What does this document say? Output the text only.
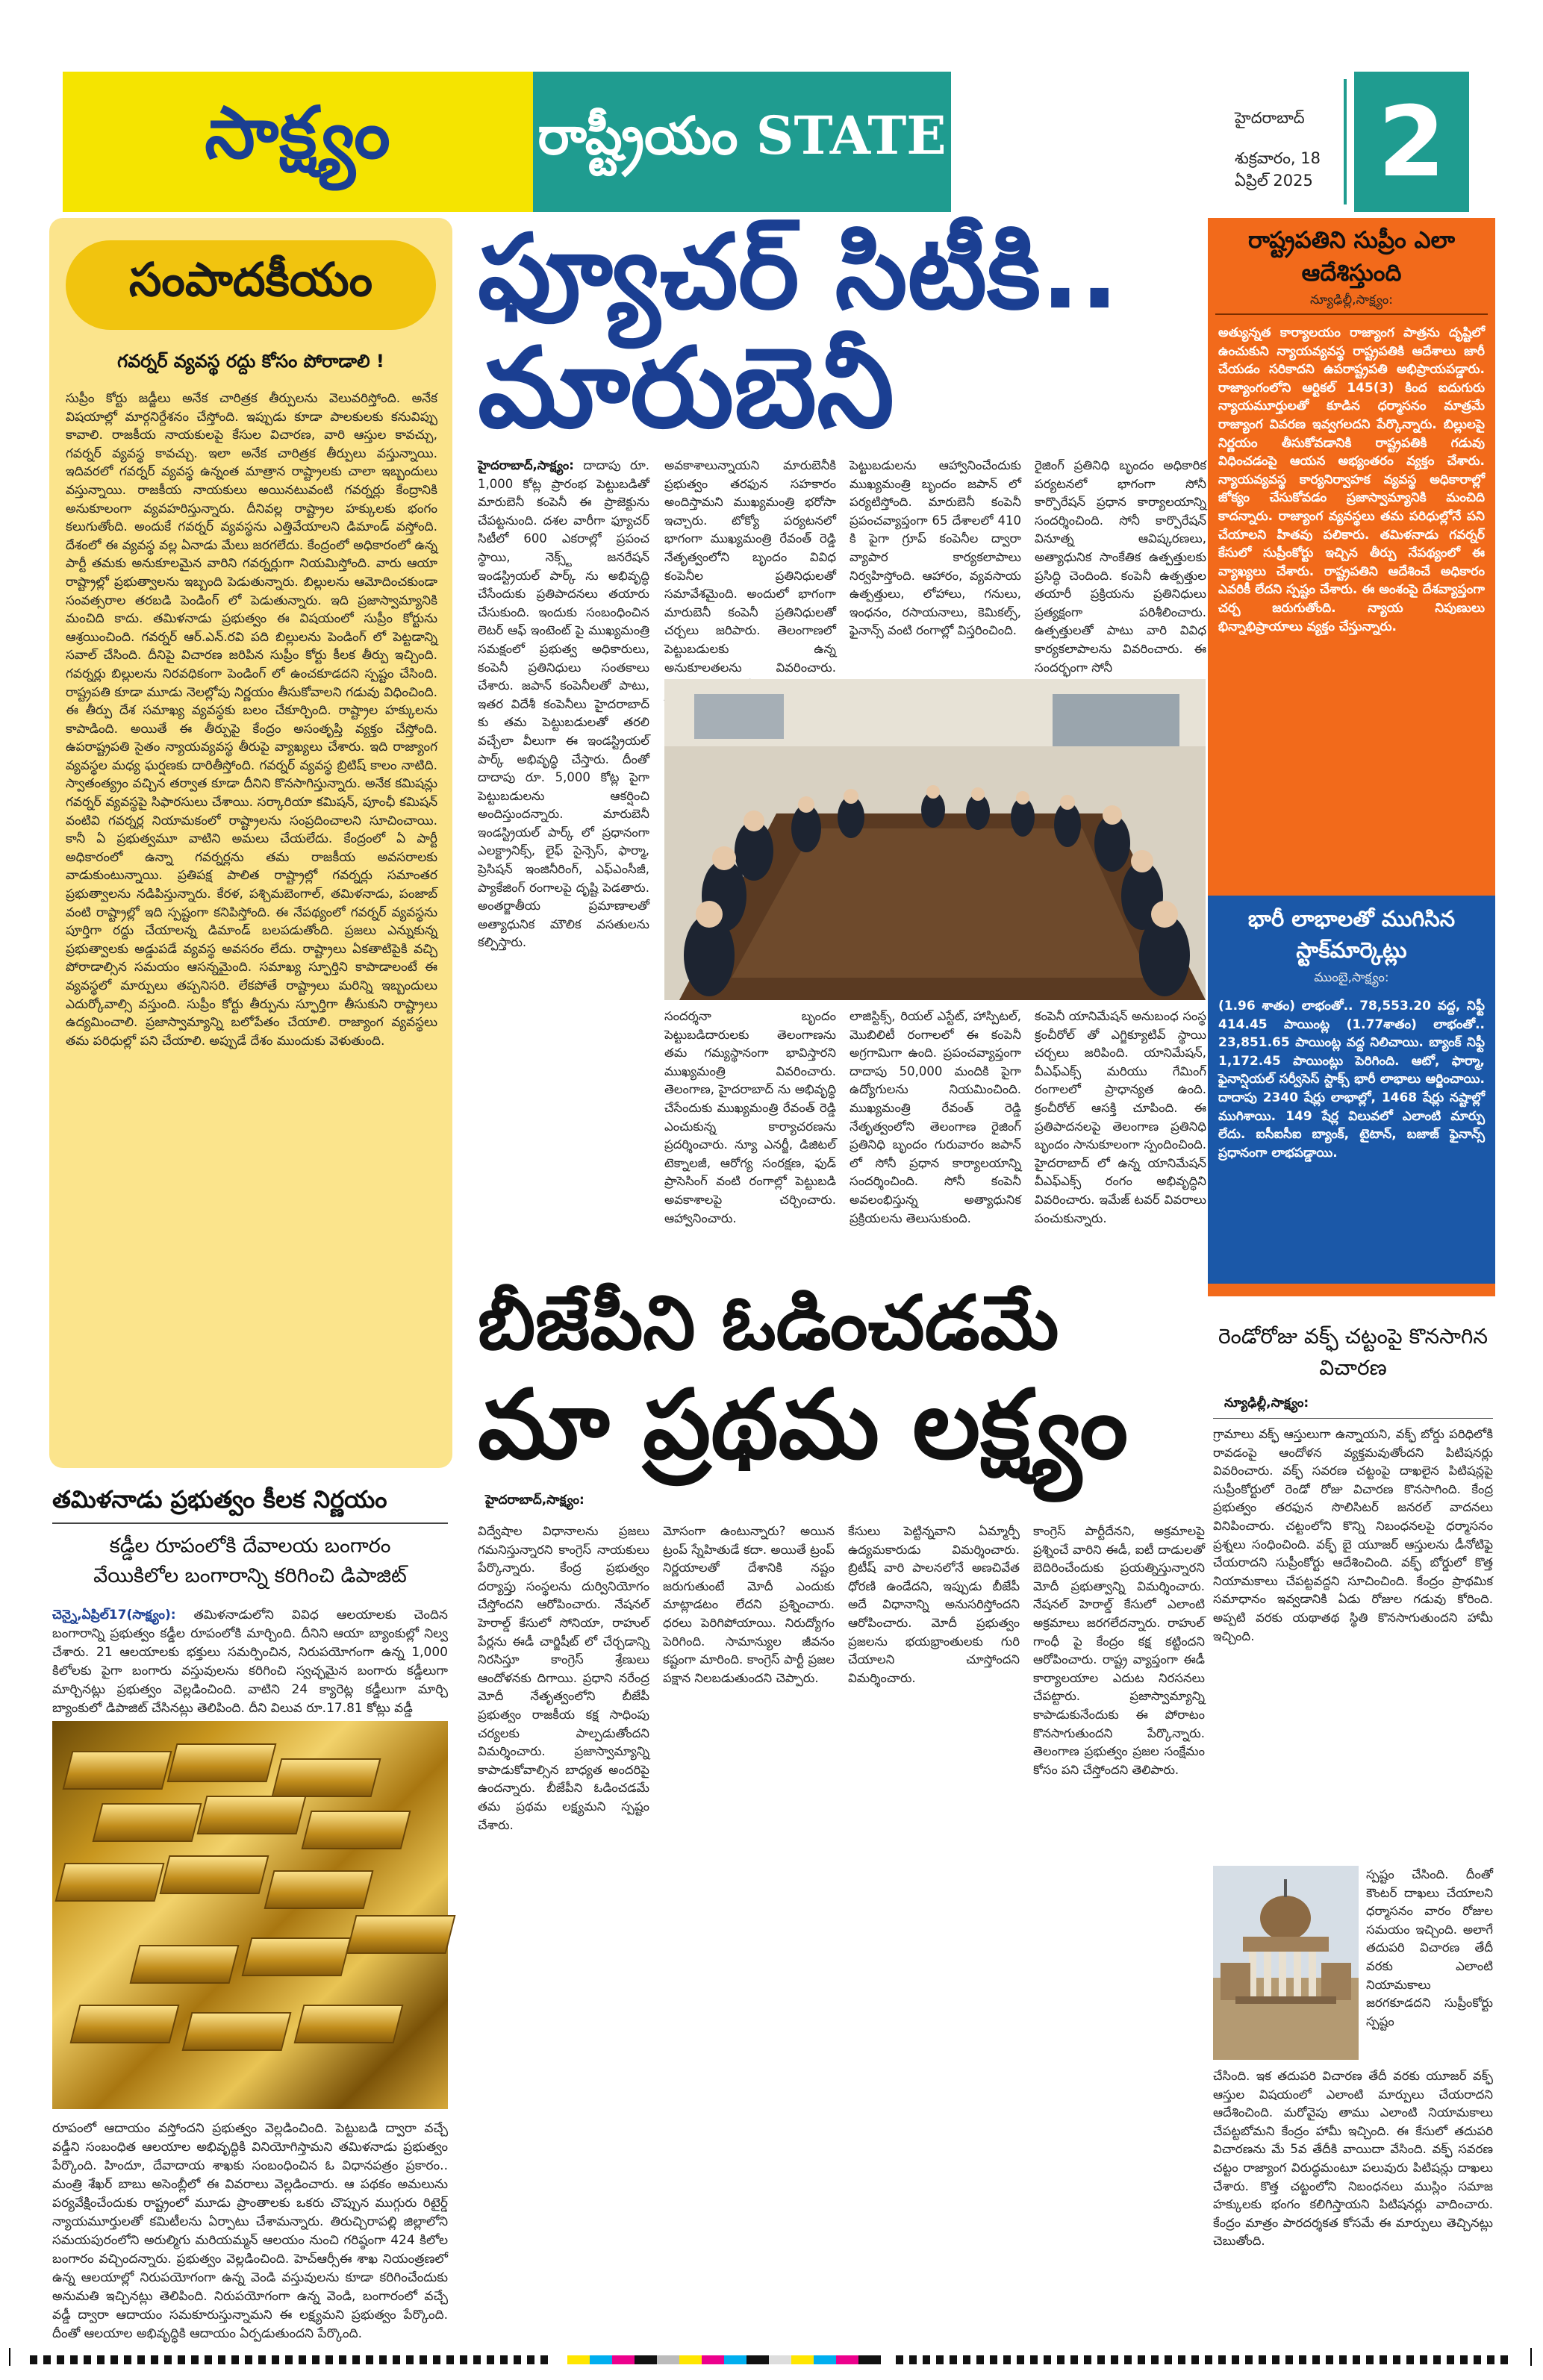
సాక్ష్యం	రాష్ట్రీయం STATE	హైదరాబాద్
శుక్రవారం, 18 ఏప్రిల్ 2025 2
సంపాదకీయం
గవర్నర్ వ్యవస్థ రద్దు కోసం పోరాడాలి !
సుప్రీం కోర్టు జడ్జీలు అనేక చారిత్రక తీర్పులను వెలువరిస్తోంది. అనేక విషయాల్లో మార్గనిర్దేశనం చేస్తోంది. ఇప్పుడు కూడా పాలకులకు కనువిప్పు కావాలి. రాజకీయ నాయకులపై కేసుల విచారణ, వారి ఆస్తుల కావచ్చు, గవర్నర్ వ్యవస్థ కావచ్చు. ఇలా అనేక చారిత్రక తీర్పులు వస్తున్నాయి. ఇదివరలో గవర్నర్ వ్యవస్థ ఉన్నంత మాత్రాన రాష్ట్రాలకు చాలా ఇబ్బందులు వస్తున్నాయి. రాజకీయ నాయకులు అయినటువంటి గవర్నర్లు కేంద్రానికి అనుకూలంగా వ్యవహరిస్తున్నారు. దీనివల్ల రాష్ట్రాల హక్కులకు భంగం కలుగుతోంది. అందుకే గవర్నర్ వ్యవస్థను ఎత్తివేయాలని డిమాండ్ వస్తోంది. దేశంలో ఈ వ్యవస్థ వల్ల ఏనాడు మేలు జరగలేదు. కేంద్రంలో అధికారంలో ఉన్న పార్టీ తమకు అనుకూలమైన వారిని గవర్నర్లుగా నియమిస్తోంది. వారు ఆయా రాష్ట్రాల్లో ప్రభుత్వాలను ఇబ్బంది పెడుతున్నారు. బిల్లులను ఆమోదించకుండా సంవత్సరాల తరబడి పెండింగ్ లో పెడుతున్నారు. ఇది ప్రజాస్వామ్యానికి మంచిది కాదు. తమిళనాడు ప్రభుత్వం ఈ విషయంలో సుప్రీం కోర్టును ఆశ్రయించింది. గవర్నర్ ఆర్.ఎన్.రవి పది బిల్లులను పెండింగ్ లో పెట్టడాన్ని సవాల్ చేసింది. దీనిపై విచారణ జరిపిన సుప్రీం కోర్టు కీలక తీర్పు ఇచ్చింది. గవర్నర్లు బిల్లులను నిరవధికంగా పెండింగ్ లో ఉంచకూడదని స్పష్టం చేసింది. రాష్ట్రపతి కూడా మూడు నెలల్లోపు నిర్ణయం తీసుకోవాలని గడువు విధించింది. ఈ తీర్పు దేశ సమాఖ్య వ్యవస్థకు బలం చేకూర్చింది. రాష్ట్రాల హక్కులను కాపాడింది. అయితే ఈ తీర్పుపై కేంద్రం అసంతృప్తి వ్యక్తం చేస్తోంది. ఉపరాష్ట్రపతి సైతం న్యాయవ్యవస్థ తీరుపై వ్యాఖ్యలు చేశారు. ఇది రాజ్యాంగ వ్యవస్థల మధ్య ఘర్షణకు దారితీస్తోంది. గవర్నర్ వ్యవస్థ బ్రిటిష్ కాలం నాటిది. స్వాతంత్య్రం వచ్చిన తర్వాత కూడా దీనిని కొనసాగిస్తున్నారు. అనేక కమిషన్లు గవర్నర్ వ్యవస్థపై సిఫారసులు చేశాయి. సర్కారియా కమిషన్, పూంఛీ కమిషన్ వంటివి గవర్నర్ల నియామకంలో రాష్ట్రాలను సంప్రదించాలని సూచించాయి. కానీ ఏ ప్రభుత్వమూ వాటిని అమలు చేయలేదు. కేంద్రంలో ఏ పార్టీ అధికారంలో ఉన్నా గవర్నర్లను తమ రాజకీయ అవసరాలకు వాడుకుంటున్నాయి. ప్రతిపక్ష పాలిత రాష్ట్రాల్లో గవర్నర్లు సమాంతర ప్రభుత్వాలను నడిపిస్తున్నారు. కేరళ, పశ్చిమబెంగాల్, తమిళనాడు, పంజాబ్ వంటి రాష్ట్రాల్లో ఇది స్పష్టంగా కనిపిస్తోంది. ఈ నేపథ్యంలో గవర్నర్ వ్యవస్థను పూర్తిగా రద్దు చేయాలన్న డిమాండ్ బలపడుతోంది. ప్రజలు ఎన్నుకున్న ప్రభుత్వాలకు అడ్డుపడే వ్యవస్థ అవసరం లేదు. రాష్ట్రాలు ఏకతాటిపైకి వచ్చి పోరాడాల్సిన సమయం ఆసన్నమైంది. సమాఖ్య స్ఫూర్తిని కాపాడాలంటే ఈ వ్యవస్థలో మార్పులు తప్పనిసరి. లేకపోతే రాష్ట్రాలు మరిన్ని ఇబ్బందులు ఎదుర్కోవాల్సి వస్తుంది. సుప్రీం కోర్టు తీర్పును స్ఫూర్తిగా తీసుకుని రాష్ట్రాలు ఉద్యమించాలి. ప్రజాస్వామ్యాన్ని బలోపేతం చేయాలి. రాజ్యాంగ వ్యవస్థలు తమ పరిధుల్లో పని చేయాలి. అప్పుడే దేశం ముందుకు వెళుతుంది.
తమిళనాడు ప్రభుత్వం కీలక నిర్ణయం
కడ్డీల రూపంలోకి దేవాలయ బంగారం
వేయికిలోల బంగారాన్ని కరిగించి డిపాజిట్
చెన్నై,ఏప్రిల్17(సాక్ష్యం): తమిళనాడులోని వివిధ ఆలయాలకు చెందిన బంగారాన్ని ప్రభుత్వం కడ్డీల రూపంలోకి మార్చింది. దీనిని ఆయా బ్యాంకుల్లో నిల్వ చేశారు. 21 ఆలయాలకు భక్తులు సమర్పించిన, నిరుపయోగంగా ఉన్న 1,000 కిలోలకు పైగా బంగారు వస్తువులను కరిగించి స్వచ్ఛమైన బంగారు కడ్డీలుగా మార్చినట్లు ప్రభుత్వం వెల్లడించింది. వాటిని 24 క్యారెట్ల కడ్డీలుగా మార్చి బ్యాంకులో డిపాజిట్ చేసినట్లు తెలిపింది. దీని విలువ రూ.17.81 కోట్లు వడ్డీ
రూపంలో ఆదాయం వస్తోందని ప్రభుత్వం వెల్లడించింది. పెట్టుబడి ద్వారా వచ్చే వడ్డీని సంబంధిత ఆలయాల అభివృద్ధికి వినియోగిస్తామని తమిళనాడు ప్రభుత్వం పేర్కొంది. హిందూ, దేవాదాయ శాఖకు సంబంధించిన ఓ విధానపత్రం ప్రకారం.. మంత్రి శేఖర్ బాబు అసెంబ్లీలో ఈ వివరాలు వెల్లడించారు. ఆ పథకం అమలును పర్యవేక్షించేందుకు రాష్ట్రంలో మూడు ప్రాంతాలకు ఒకరు చొప్పున ముగ్గురు రిటైర్డ్ న్యాయమూర్తులతో కమిటీలను ఏర్పాటు చేశామన్నారు. తిరుచ్చిరాపల్లి జిల్లాలోని సమయపురంలోని అరుల్మిగు మరియమ్మన్ ఆలయం నుంచి గరిష్ఠంగా 424 కిలోల బంగారం వచ్చిందన్నారు. ప్రభుత్వం వెల్లడించింది. హెచ్ఆర్సీఈ శాఖ నియంత్రణలో ఉన్న ఆలయాల్లో నిరుపయోగంగా ఉన్న వెండి వస్తువులను కూడా కరిగించేందుకు అనుమతి ఇచ్చినట్లు తెలిపింది. నిరుపయోగంగా ఉన్న వెండి, బంగారంలో వచ్చే వడ్డీ ద్వారా ఆదాయం సమకూరుస్తున్నామని ఈ లక్ష్యమని ప్రభుత్వం పేర్కొంది. దీంతో ఆలయాల అభివృద్ధికి ఆదాయం ఏర్పడుతుందని పేర్కొంది.
ఫ్యూచర్ సిటీకి..
మారుబెనీ
హైదరాబాద్,సాక్ష్యం: దాదాపు రూ. 1,000 కోట్ల ప్రారంభ పెట్టుబడితో మారుబెనీ కంపెనీ ఈ ప్రాజెక్టును చేపట్టనుంది. దశల వారీగా ఫ్యూచర్ సిటీలో 600 ఎకరాల్లో ప్రపంచ స్థాయి, నెక్స్ట్ జనరేషన్ ఇండస్ట్రియల్ పార్క్ ను అభివృద్ధి చేసేందుకు ప్రతిపాదనలు తయారు చేసుకుంది. ఇందుకు సంబంధించిన లెటర్ ఆఫ్ ఇంటెంట్ పై ముఖ్యమంత్రి సమక్షంలో ప్రభుత్వ అధికారులు, కంపెనీ ప్రతినిధులు సంతకాలు చేశారు. జపాన్ కంపెనీలతో పాటు, ఇతర విదేశీ కంపెనీలు హైదరాబాద్ కు తమ పెట్టుబడులతో తరలి వచ్చేలా వీలుగా ఈ ఇండస్ట్రియల్ పార్క్ అభివృద్ధి చేస్తారు. దీంతో దాదాపు రూ. 5,000 కోట్ల పైగా పెట్టుబడులను ఆకర్షించి అందిస్తుందన్నారు. మారుబెనీ ఇండస్ట్రియల్ పార్క్ లో ప్రధానంగా ఎలక్ట్రానిక్స్, లైఫ్ సైన్సెస్, ఫార్మా, ప్రెసిషన్ ఇంజినీరింగ్, ఎఫ్ఎంసీజీ, ప్యాకేజింగ్ రంగాలపై దృష్టి పెడతారు. అంతర్జాతీయ ప్రమాణాలతో అత్యాధునిక మౌలిక వసతులను కల్పిస్తారు.
అవకాశాలున్నాయని మారుబెనీకి ప్రభుత్వం తరఫున సహకారం అందిస్తామని ముఖ్యమంత్రి భరోసా ఇచ్చారు. టోక్యో పర్యటనలో భాగంగా ముఖ్యమంత్రి రేవంత్ రెడ్డి నేతృత్వంలోని బృందం వివిధ కంపెనీల ప్రతినిధులతో సమావేశమైంది. అందులో భాగంగా మారుబెనీ కంపెనీ ప్రతినిధులతో చర్చలు జరిపారు. తెలంగాణలో పెట్టుబడులకు ఉన్న అనుకూలతలను వివరించారు.
పెట్టుబడులను ఆహ్వానించేందుకు ముఖ్యమంత్రి బృందం జపాన్ లో పర్యటిస్తోంది. మారుబెనీ కంపెనీ ప్రపంచవ్యాప్తంగా 65 దేశాలలో 410 కి పైగా గ్రూప్ కంపెనీల ద్వారా వ్యాపార కార్యకలాపాలు నిర్వహిస్తోంది. ఆహారం, వ్యవసాయ ఉత్పత్తులు, లోహాలు, గనులు, ఇంధనం, రసాయనాలు, కెమికల్స్, ఫైనాన్స్ వంటి రంగాల్లో విస్తరించింది.
రైజింగ్ ప్రతినిధి బృందం అధికారిక పర్యటనలో భాగంగా సోనీ కార్పొరేషన్ ప్రధాన కార్యాలయాన్ని సందర్శించింది. సోనీ కార్పొరేషన్ వినూత్న ఆవిష్కరణలు, అత్యాధునిక సాంకేతిక ఉత్పత్తులకు ప్రసిద్ధి చెందింది. కంపెనీ ఉత్పత్తుల తయారీ ప్రక్రియను ప్రతినిధులు ప్రత్యక్షంగా పరిశీలించారు. ఉత్పత్తులతో పాటు వారి వివిధ కార్యకలాపాలను వివరించారు. ఈ సందర్భంగా సోనీ
సందర్శనా బృందం పెట్టుబడిదారులకు తెలంగాణను తమ గమ్యస్థానంగా భావిస్తారని ముఖ్యమంత్రి వివరించారు. తెలంగాణ, హైదరాబాద్ ను అభివృద్ధి చేసేందుకు ముఖ్యమంత్రి రేవంత్ రెడ్డి ఎంచుకున్న కార్యాచరణను ప్రదర్శించారు. న్యూ ఎనర్జీ, డిజిటల్ టెక్నాలజీ, ఆరోగ్య సంరక్షణ, ఫుడ్ ప్రాసెసింగ్ వంటి రంగాల్లో పెట్టుబడి అవకాశాలపై చర్చించారు. ఆహ్వానించారు.
లాజిస్టిక్స్, రియల్ ఎస్టేట్, హాస్పిటల్, మొబిలిటీ రంగాలలో ఈ కంపెనీ అగ్రగామిగా ఉంది. ప్రపంచవ్యాప్తంగా దాదాపు 50,000 మందికి పైగా ఉద్యోగులను నియమించింది. ముఖ్యమంత్రి రేవంత్ రెడ్డి నేతృత్వంలోని తెలంగాణ రైజింగ్ ప్రతినిధి బృందం గురువారం జపాన్ లో సోనీ ప్రధాన కార్యాలయాన్ని సందర్శించింది. సోనీ కంపెనీ అవలంభిస్తున్న అత్యాధునిక ప్రక్రియలను తెలుసుకుంది.
కంపెనీ యానిమేషన్ అనుబంధ సంస్థ క్రంచీరోల్ తో ఎగ్జిక్యూటివ్ స్థాయి చర్చలు జరిపింది. యానిమేషన్, వీఎఫ్ఎక్స్ మరియు గేమింగ్ రంగాలలో ప్రాధాన్యత ఉంది. క్రంచీరోల్ ఆసక్తి చూపింది. ఈ ప్రతిపాదనలపై తెలంగాణ ప్రతినిధి బృందం సానుకూలంగా స్పందించింది. హైదరాబాద్ లో ఉన్న యానిమేషన్ వీఎఫ్ఎక్స్ రంగం అభివృద్ధిని వివరించారు. ఇమేజ్ టవర్ వివరాలు పంచుకున్నారు.
బీజేపీని ఓడించడమే
మా ప్రథమ లక్ష్యం
హైదరాబాద్,సాక్ష్యం:
విద్వేషాల విధానాలను ప్రజలు గమనిస్తున్నారని కాంగ్రెస్ నాయకులు పేర్కొన్నారు. కేంద్ర ప్రభుత్వం దర్యాప్తు సంస్థలను దుర్వినియోగం చేస్తోందని ఆరోపించారు. నేషనల్ హెరాల్డ్ కేసులో సోనియా, రాహుల్ పేర్లను ఈడీ చార్జిషీట్ లో చేర్చడాన్ని నిరసిస్తూ కాంగ్రెస్ శ్రేణులు ఆందోళనకు దిగాయి. ప్రధాని నరేంద్ర మోదీ నేతృత్వంలోని బీజేపీ ప్రభుత్వం రాజకీయ కక్ష సాధింపు చర్యలకు పాల్పడుతోందని విమర్శించారు. ప్రజాస్వామ్యాన్ని కాపాడుకోవాల్సిన బాధ్యత అందరిపై ఉందన్నారు. బీజేపీని ఓడించడమే తమ ప్రథమ లక్ష్యమని స్పష్టం చేశారు.
మోసంగా ఉంటున్నారు? అయిన ట్రంప్ స్నేహితుడే కదా. అయితే ట్రంప్ నిర్ణయాలతో దేశానికి నష్టం జరుగుతుంటే మోదీ ఎందుకు మాట్లాడటం లేదని ప్రశ్నించారు. ధరలు పెరిగిపోయాయి. నిరుద్యోగం పెరిగింది. సామాన్యుల జీవనం కష్టంగా మారింది. కాంగ్రెస్ పార్టీ ప్రజల పక్షాన నిలబడుతుందని చెప్పారు.
కేసులు పెట్టిన్నవాని ఏమ్మార్పీ ఉద్యమకారుడు విమర్శించారు. బ్రిటీష్ వారి పాలనలోనే అణచివేత ధోరణి ఉండేదని, ఇప్పుడు బీజేపీ అదే విధానాన్ని అనుసరిస్తోందని ఆరోపించారు. మోదీ ప్రభుత్వం ప్రజలను భయభ్రాంతులకు గురి చేయాలని చూస్తోందని విమర్శించారు.
కాంగ్రెస్ పార్టీదేనని, అక్రమాలపై ప్రశ్నించే వారిని ఈడీ, ఐటీ దాడులతో బెదిరించేందుకు ప్రయత్నిస్తున్నారని మోదీ ప్రభుత్వాన్ని విమర్శించారు. నేషనల్ హెరాల్డ్ కేసులో ఎలాంటి అక్రమాలు జరగలేదన్నారు. రాహుల్ గాంధీ పై కేంద్రం కక్ష కట్టిందని ఆరోపించారు. రాష్ట్ర వ్యాప్తంగా ఈడీ కార్యాలయాల ఎదుట నిరసనలు చేపట్టారు. ప్రజాస్వామ్యాన్ని కాపాడుకునేందుకు ఈ పోరాటం కొనసాగుతుందని పేర్కొన్నారు. తెలంగాణ ప్రభుత్వం ప్రజల సంక్షేమం కోసం పని చేస్తోందని తెలిపారు.
రాష్ట్రపతిని సుప్రీం ఎలా ఆదేశిస్తుంది
న్యూఢిల్లీ,సాక్ష్యం:
అత్యున్నత కార్యాలయం రాజ్యాంగ పాత్రను దృష్టిలో ఉంచుకుని న్యాయవ్యవస్థ రాష్ట్రపతికి ఆదేశాలు జారీ చేయడం సరికాదని ఉపరాష్ట్రపతి అభిప్రాయపడ్డారు. రాజ్యాంగంలోని ఆర్టికల్ 145(3) కింద ఐదుగురు న్యాయమూర్తులతో కూడిన ధర్మాసనం మాత్రమే రాజ్యాంగ వివరణ ఇవ్వగలదని పేర్కొన్నారు. బిల్లులపై నిర్ణయం తీసుకోవడానికి రాష్ట్రపతికి గడువు విధించడంపై ఆయన అభ్యంతరం వ్యక్తం చేశారు. న్యాయవ్యవస్థ కార్యనిర్వాహక వ్యవస్థ అధికారాల్లో జోక్యం చేసుకోవడం ప్రజాస్వామ్యానికి మంచిది కాదన్నారు. రాజ్యాంగ వ్యవస్థలు తమ పరిధుల్లోనే పని చేయాలని హితవు పలికారు. తమిళనాడు గవర్నర్ కేసులో సుప్రీంకోర్టు ఇచ్చిన తీర్పు నేపథ్యంలో ఈ వ్యాఖ్యలు చేశారు. రాష్ట్రపతిని ఆదేశించే అధికారం ఎవరికీ లేదని స్పష్టం చేశారు. ఈ అంశంపై దేశవ్యాప్తంగా చర్చ జరుగుతోంది. న్యాయ నిపుణులు భిన్నాభిప్రాయాలు వ్యక్తం చేస్తున్నారు.
భారీ లాభాలతో ముగిసిన స్టాక్‌మార్కెట్లు
ముంబై,సాక్ష్యం:
(1.96 శాతం) లాభంతో.. 78,553.20 వద్ద, నిఫ్టీ 414.45 పాయింట్ల (1.77శాతం) లాభంతో.. 23,851.65 పాయింట్ల వద్ద నిలిచాయి. బ్యాంక్ నిఫ్టీ 1,172.45 పాయింట్లు పెరిగింది. ఆటో, ఫార్మా, ఫైనాన్షియల్ సర్వీసెస్ స్టాక్స్ భారీ లాభాలు ఆర్జించాయి. దాదాపు 2340 షేర్లు లాభాల్లో, 1468 షేర్లు నష్టాల్లో ముగిశాయి. 149 షేర్ల విలువలో ఎలాంటి మార్పు లేదు. ఐసీఐసీఐ బ్యాంక్, టైటాన్, బజాజ్ ఫైనాన్స్ ప్రధానంగా లాభపడ్డాయి.
రెండోరోజు వక్ఫ్ చట్టంపై కొనసాగిన విచారణ
న్యూఢిల్లీ,సాక్ష్యం:
గ్రామాలు వక్ఫ్ ఆస్తులుగా ఉన్నాయని, వక్ఫ్ బోర్డు పరిధిలోకి రావడంపై ఆందోళన వ్యక్తమవుతోందని పిటిషనర్లు వివరించారు. వక్ఫ్ సవరణ చట్టంపై దాఖలైన పిటిషన్లపై సుప్రీంకోర్టులో రెండో రోజు విచారణ కొనసాగింది. కేంద్ర ప్రభుత్వం తరఫున సొలిసిటర్ జనరల్ వాదనలు వినిపించారు. చట్టంలోని కొన్ని నిబంధనలపై ధర్మాసనం ప్రశ్నలు సంధించింది. వక్ఫ్ బై యూజర్ ఆస్తులను డీనోటిఫై చేయరాదని సుప్రీంకోర్టు ఆదేశించింది. వక్ఫ్ బోర్డులో కొత్త నియామకాలు చేపట్టవద్దని సూచించింది. కేంద్రం ప్రాథమిక సమాధానం ఇవ్వడానికి ఏడు రోజుల గడువు కోరింది. అప్పటి వరకు యథాతథ స్థితి కొనసాగుతుందని హామీ ఇచ్చింది.
స్పష్టం చేసింది. దీంతో కౌంటర్ దాఖలు చేయాలని ధర్మాసనం వారం రోజుల సమయం ఇచ్చింది. అలాగే తదుపరి విచారణ తేదీ వరకు ఎలాంటి నియామకాలు జరగకూడదని సుప్రీంకోర్టు స్పష్టం
చేసింది. ఇక తదుపరి విచారణ తేదీ వరకు యూజర్ వక్ఫ్ ఆస్తుల విషయంలో ఎలాంటి మార్పులు చేయరాదని ఆదేశించింది. మరోవైపు తాము ఎలాంటి నియామకాలు చేపట్టబోమని కేంద్రం హామీ ఇచ్చింది. ఈ కేసులో తదుపరి విచారణను మే 5వ తేదీకి వాయిదా వేసింది. వక్ఫ్ సవరణ చట్టం రాజ్యాంగ విరుద్ధమంటూ పలువురు పిటిషన్లు దాఖలు చేశారు. కొత్త చట్టంలోని నిబంధనలు ముస్లిం సమాజ హక్కులకు భంగం కలిగిస్తాయని పిటిషనర్లు వాదించారు. కేంద్రం మాత్రం పారదర్శకత కోసమే ఈ మార్పులు తెచ్చినట్లు చెబుతోంది.
